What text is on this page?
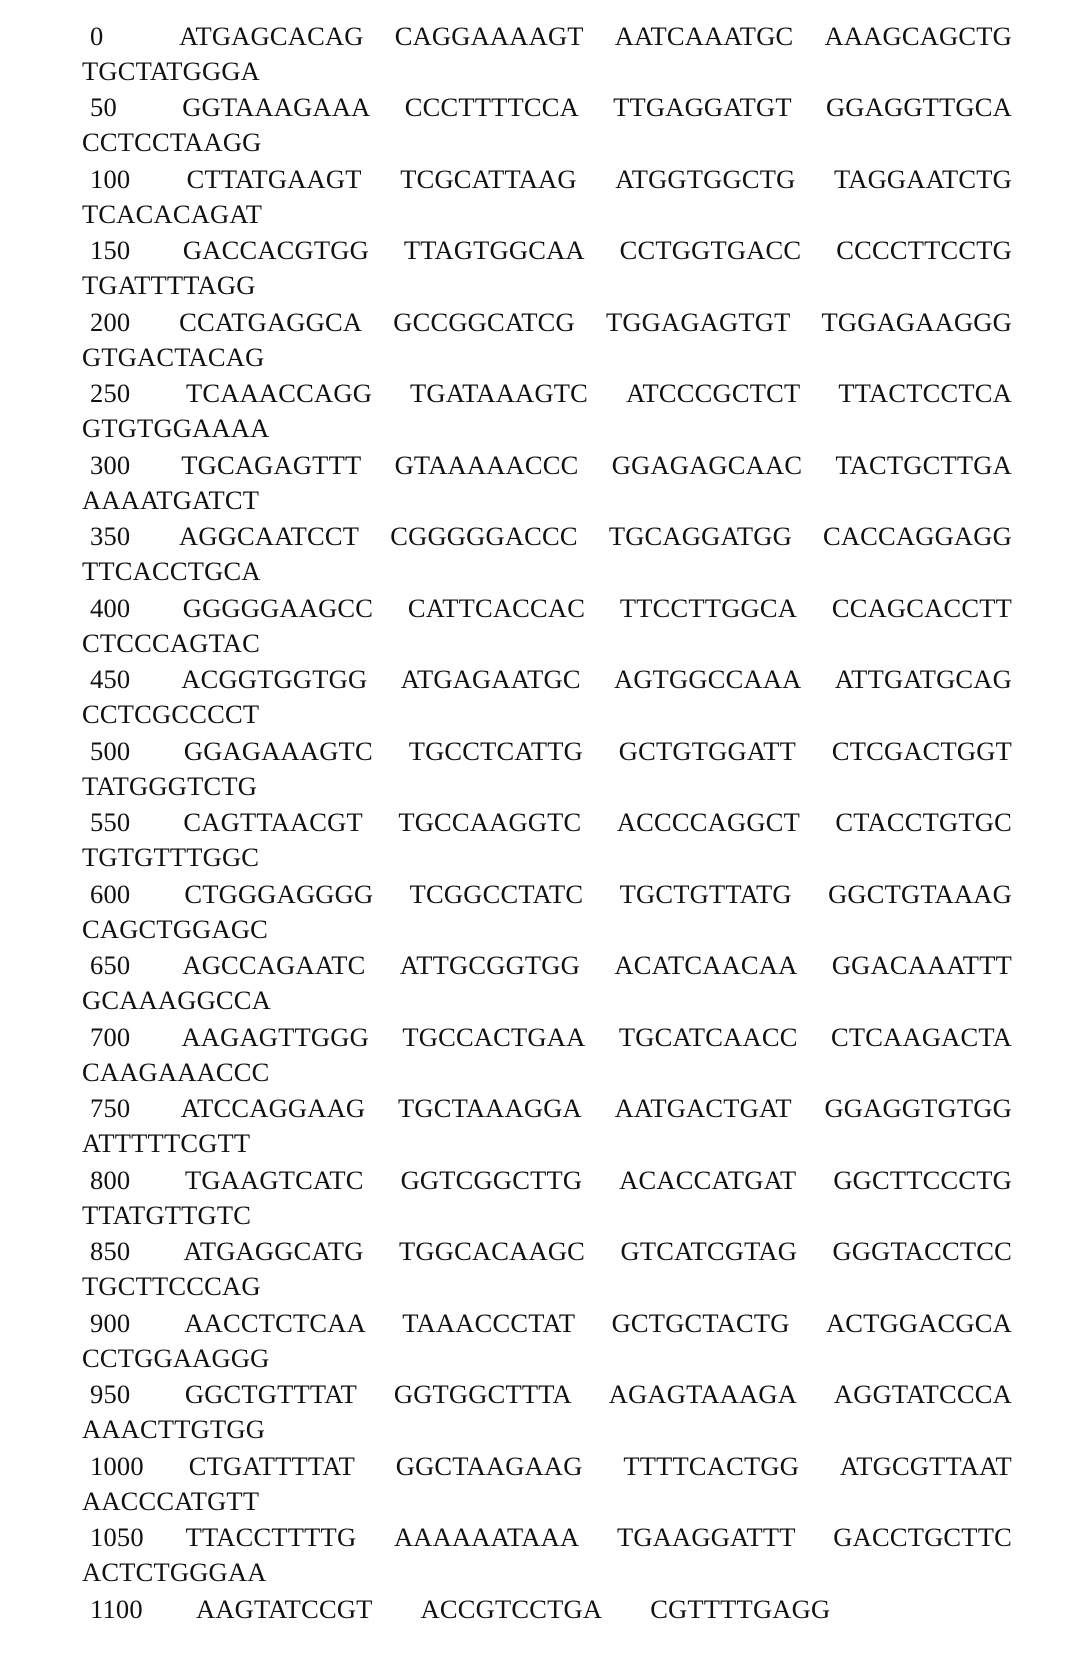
0	ATGAGCACAG CAGGAAAAGT AATCAAATGC AAAGCAGCTG
TGCTATGGGA
50	GGTAAAGAAA CCCTTTTCCA TTGAGGATGT GGAGGTTGCA
CCTCCTAAGG
100	CTTATGAAGT TCGCATTAAG ATGGTGGCTG TAGGAATCTG
TCACACAGAT
150	GACCACGTGG TTAGTGGCAA CCTGGTGACC CCCCTTCCTG
TGATTTTAGG
200	CCATGAGGCA GCCGGCATCG TGGAGAGTGT TGGAGAAGGG
GTGACTACAG
250	TCAAACCAGG TGATAAAGTC ATCCCGCTCT TTACTCCTCA
GTGTGGAAAA
300	TGCAGAGTTT GTAAAAACCC GGAGAGCAAC TACTGCTTGA
AAAATGATCT
350	AGGCAATCCT CGGGGGACCC TGCAGGATGG CACCAGGAGG
TTCACCTGCA
400	GGGGGAAGCC CATTCACCAC TTCCTTGGCA CCAGCACCTT
CTCCCAGTAC
450	ACGGTGGTGG ATGAGAATGC AGTGGCCAAA ATTGATGCAG
CCTCGCCCCT
500	GGAGAAAGTC TGCCTCATTG GCTGTGGATT CTCGACTGGT
TATGGGTCTG
550	CAGTTAACGT TGCCAAGGTC ACCCCAGGCT CTACCTGTGC
TGTGTTTGGC
600	CTGGGAGGGG TCGGCCTATC TGCTGTTATG GGCTGTAAAG
CAGCTGGAGC
650	AGCCAGAATC ATTGCGGTGG ACATCAACAA GGACAAATTT
GCAAAGGCCA
700	AAGAGTTGGG TGCCACTGAA TGCATCAACC CTCAAGACTA
CAAGAAACCC
750	ATCCAGGAAG TGCTAAAGGA AATGACTGAT GGAGGTGTGG
ATTTTTCGTT
800	TGAAGTCATC GGTCGGCTTG ACACCATGAT GGCTTCCCTG
TTATGTTGTC
850	ATGAGGCATG TGGCACAAGC GTCATCGTAG GGGTACCTCC
TGCTTCCCAG
900	AACCTCTCAA TAAACCCTAT GCTGCTACTG ACTGGACGCA
CCTGGAAGGG
950	GGCTGTTTAT GGTGGCTTTA AGAGTAAAGA AGGTATCCCA
AAACTTGTGG
1000 CTGATTTTAT GGCTAAGAAG TTTTCACTGG ATGCGTTAAT
AACCCATGTT
1050 TTACCTTTTG AAAAAATAAA TGAAGGATTT GACCTGCTTC
ACTCTGGGAA
1100 AAGTATCCGT ACCGTCCTGA CGTTTTGAGG
